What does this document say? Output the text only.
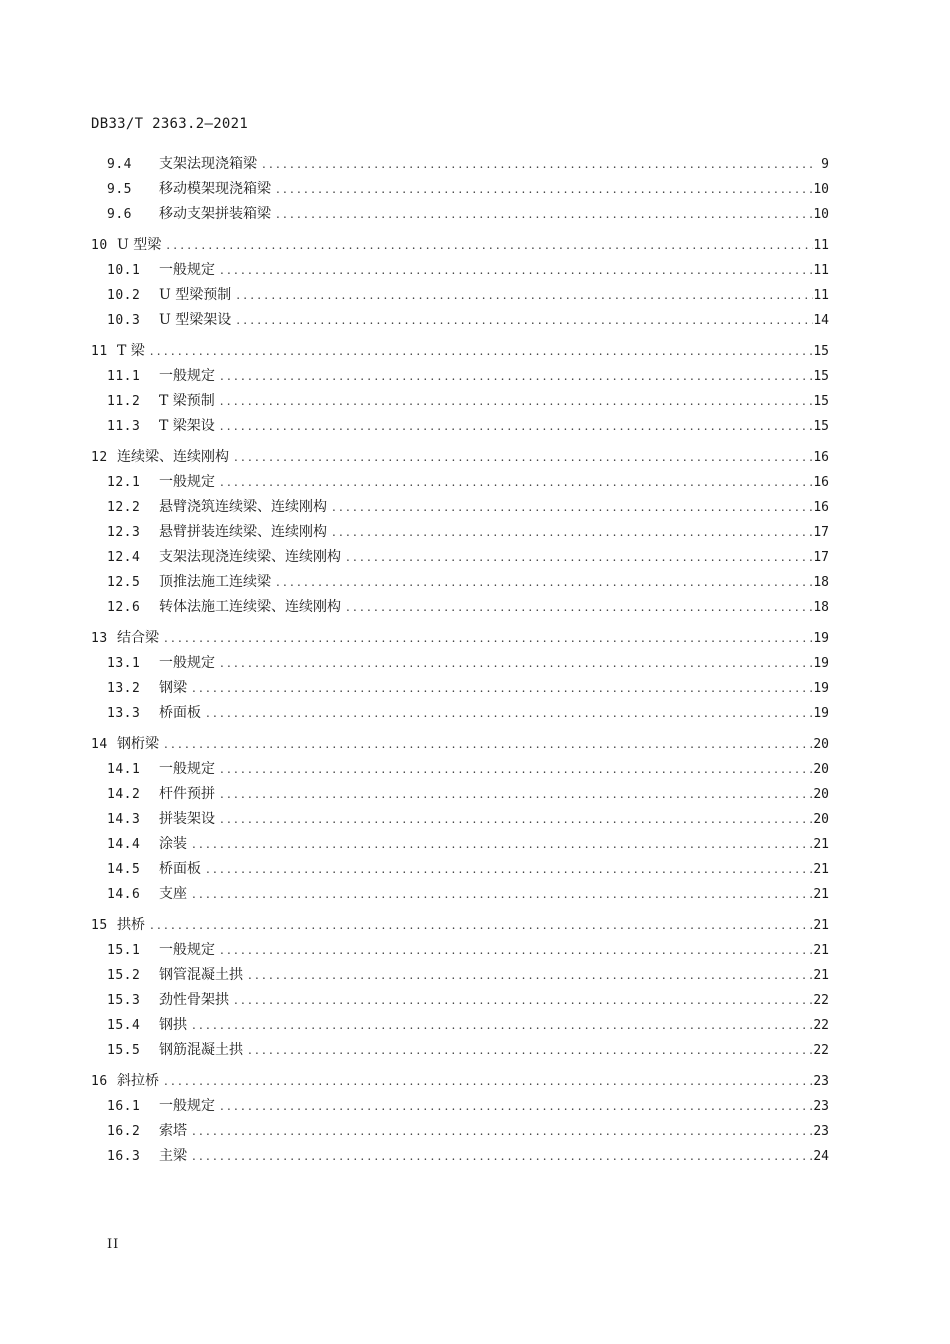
DB33/T 2363.2—2021
9.4	支架法现浇箱梁 .....	9
9.5	移动模架现浇箱梁 .....	10
9.6	移动支架拼装箱梁 .....	10
10 U 型梁 .....	11
10.1	一般规定 .....	11
10.2	U 型梁预制 .....	11
10.3	U 型梁架设 .....	14
11 T 梁 .....	15
11.1	一般规定 .....	15
11.2	T 梁预制 .....	15
11.3	T 梁架设 .....	15
12 连续梁、连续刚构 .....	16
12.1	一般规定 .....	16
12.2	悬臂浇筑连续梁、连续刚构 .....	16
12.3	悬臂拼装连续梁、连续刚构 .....	17
12.4	支架法现浇连续梁、连续刚构 .....	17
12.5	顶推法施工连续梁 .....	18
12.6	转体法施工连续梁、连续刚构 .....	18
13 结合梁 .....	19
13.1	一般规定 .....	19
13.2	钢梁 .....	19
13.3	桥面板 .....	19
14 钢桁梁 .....	20
14.1	一般规定 .....	20
14.2	杆件预拼 .....	20
14.3	拼装架设 .....	20
14.4	涂装 .....	21
14.5	桥面板 .....	21
14.6	支座 .....	21
15 拱桥 .....	21
15.1	一般规定 .....	21
15.2	钢管混凝土拱 .....	21
15.3	劲性骨架拱 .....	22
15.4	钢拱 .....	22
15.5	钢筋混凝土拱 .....	22
16 斜拉桥 .....	23
16.1	一般规定 .....	23
16.2	索塔 .....	23
16.3	主梁 .....	24
II
